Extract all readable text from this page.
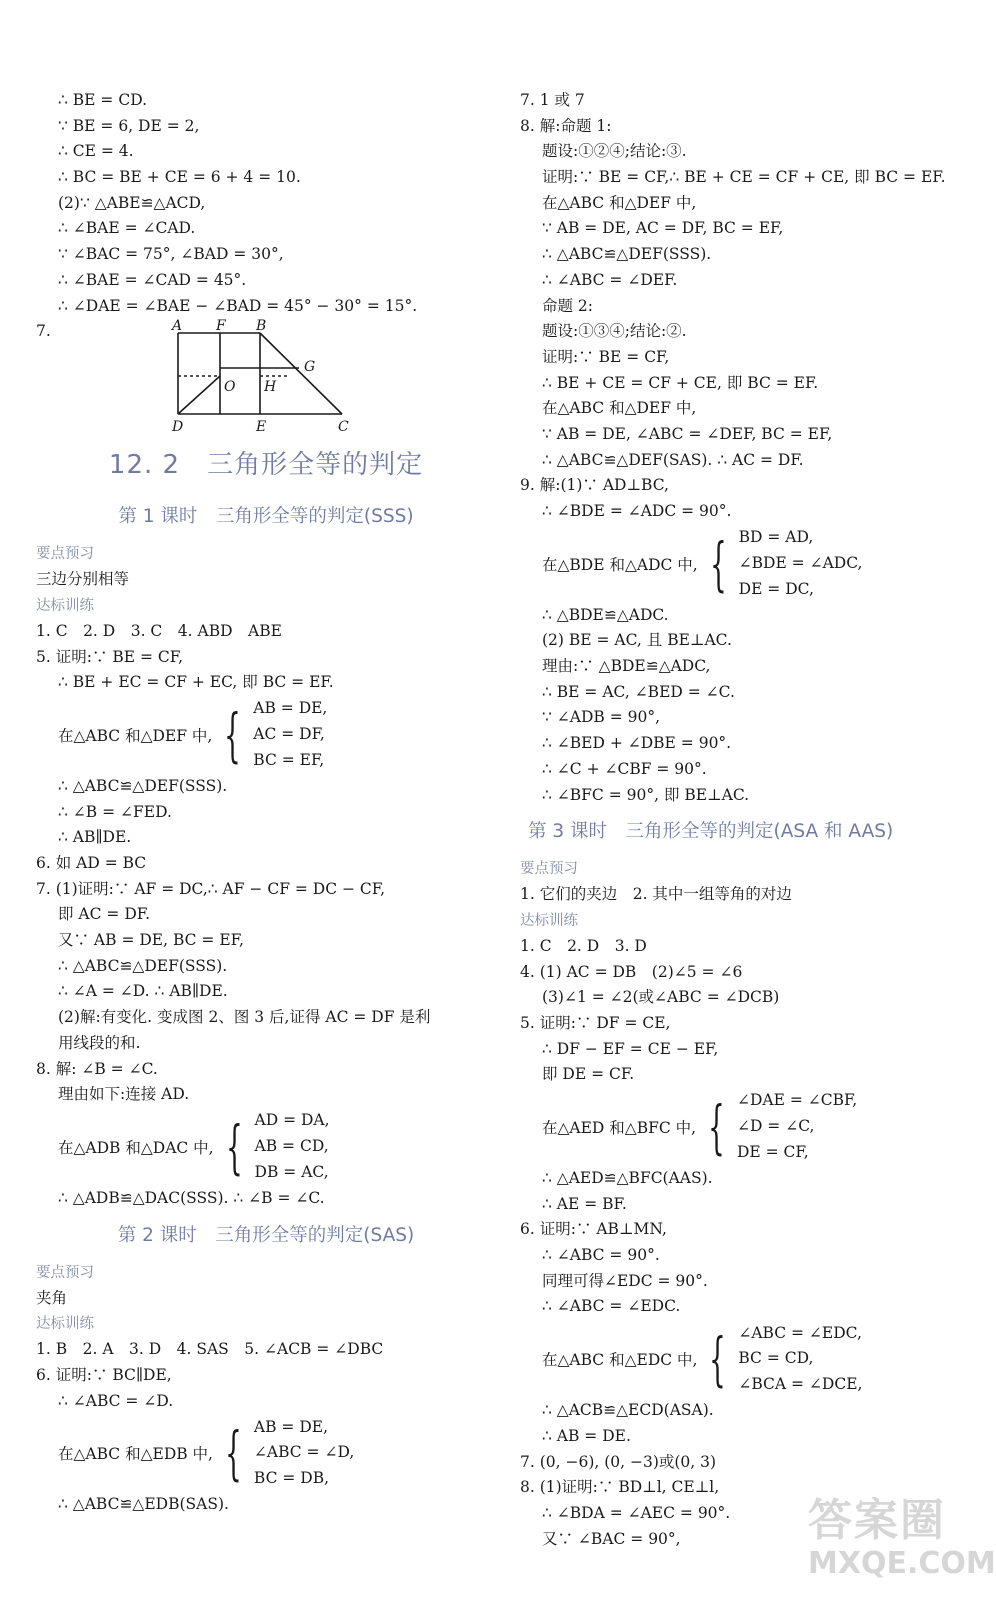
∴ BE = CD.
∵ BE = 6, DE = 2,
∴ CE = 4.
∴ BC = BE + CE = 6 + 4 = 10.
(2)∵ △ABE≌△ACD,
∴ ∠BAE = ∠CAD.
∵ ∠BAC = 75°, ∠BAD = 30°,
∴ ∠BAE = ∠CAD = 45°.
∴ ∠DAE = ∠BAE − ∠BAD = 45° − 30° = 15°.
7.	A F B
G
O H
D	E	C
12. 2　三角形全等的判定
第 1 课时　三角形全等的判定(SSS)
要点预习
三边分别相等
达标训练
1. C　2. D　3. C　4. ABD　ABE
5. 证明:∵ BE = CF,
∴ BE + EC = CF + EC, 即 BC = EF.
在△ABC 和△DEF 中, { AB = DE,
AC = DF,
BC = EF,
∴ △ABC≌△DEF(SSS).
∴ ∠B = ∠FED.
∴ AB∥DE.
6. 如 AD = BC
7. (1)证明:∵ AF = DC,∴ AF − CF = DC − CF,
即 AC = DF.
又∵ AB = DE, BC = EF,
∴ △ABC≌△DEF(SSS).
∴ ∠A = ∠D. ∴ AB∥DE.
(2)解:有变化. 变成图 2、图 3 后,证得 AC = DF 是利
用线段的和.
8. 解: ∠B = ∠C.
理由如下:连接 AD.
在△ADB 和△DAC 中, { AD = DA,
AB = CD,
DB = AC,
∴ △ADB≌△DAC(SSS). ∴ ∠B = ∠C.
第 2 课时　三角形全等的判定(SAS)
要点预习
夹角
达标训练
1. B　2. A　3. D　4. SAS　5. ∠ACB = ∠DBC
6. 证明:∵ BC∥DE,
∴ ∠ABC = ∠D.
在△ABC 和△EDB 中, { AB = DE,
∠ABC = ∠D,
BC = DB,
∴ △ABC≌△EDB(SAS).
7. 1 或 7
8. 解:命题 1:
题设:①②④;结论:③.
证明:∵ BE = CF,∴ BE + CE = CF + CE, 即 BC = EF.
在△ABC 和△DEF 中,
∵ AB = DE, AC = DF, BC = EF,
∴ △ABC≌△DEF(SSS).
∴ ∠ABC = ∠DEF.
命题 2:
题设:①③④;结论:②.
证明:∵ BE = CF,
∴ BE + CE = CF + CE, 即 BC = EF.
在△ABC 和△DEF 中,
∵ AB = DE, ∠ABC = ∠DEF, BC = EF,
∴ △ABC≌△DEF(SAS). ∴ AC = DF.
9. 解:(1)∵ AD⊥BC,
∴ ∠BDE = ∠ADC = 90°.
在△BDE 和△ADC 中, { BD = AD,
∠BDE = ∠ADC,
DE = DC,
∴ △BDE≌△ADC.
(2) BE = AC, 且 BE⊥AC.
理由:∵ △BDE≌△ADC,
∴ BE = AC, ∠BED = ∠C.
∵ ∠ADB = 90°,
∴ ∠BED + ∠DBE = 90°.
∴ ∠C + ∠CBF = 90°.
∴ ∠BFC = 90°, 即 BE⊥AC.
第 3 课时　三角形全等的判定(ASA 和 AAS)
要点预习
1. 它们的夹边　2. 其中一组等角的对边
达标训练
1. C　2. D　3. D
4. (1) AC = DB　(2)∠5 = ∠6
(3)∠1 = ∠2(或∠ABC = ∠DCB)
5. 证明:∵ DF = CE,
∴ DF − EF = CE − EF,
即 DE = CF.
在△AED 和△BFC 中, { ∠DAE = ∠CBF,
∠D = ∠C,
DE = CF,
∴ △AED≌△BFC(AAS).
∴ AE = BF.
6. 证明:∵ AB⊥MN,
∴ ∠ABC = 90°.
同理可得∠EDC = 90°.
∴ ∠ABC = ∠EDC.
在△ABC 和△EDC 中, { ∠ABC = ∠EDC,
BC = CD,
∠BCA = ∠DCE,
∴ △ACB≌△ECD(ASA).
∴ AB = DE.
7. (0, −6), (0, −3)或(0, 3)
8. (1)证明:∵ BD⊥l, CE⊥l,
∴ ∠BDA = ∠AEC = 90°.
又∵ ∠BAC = 90°,	答案圈
MXQE.COM
